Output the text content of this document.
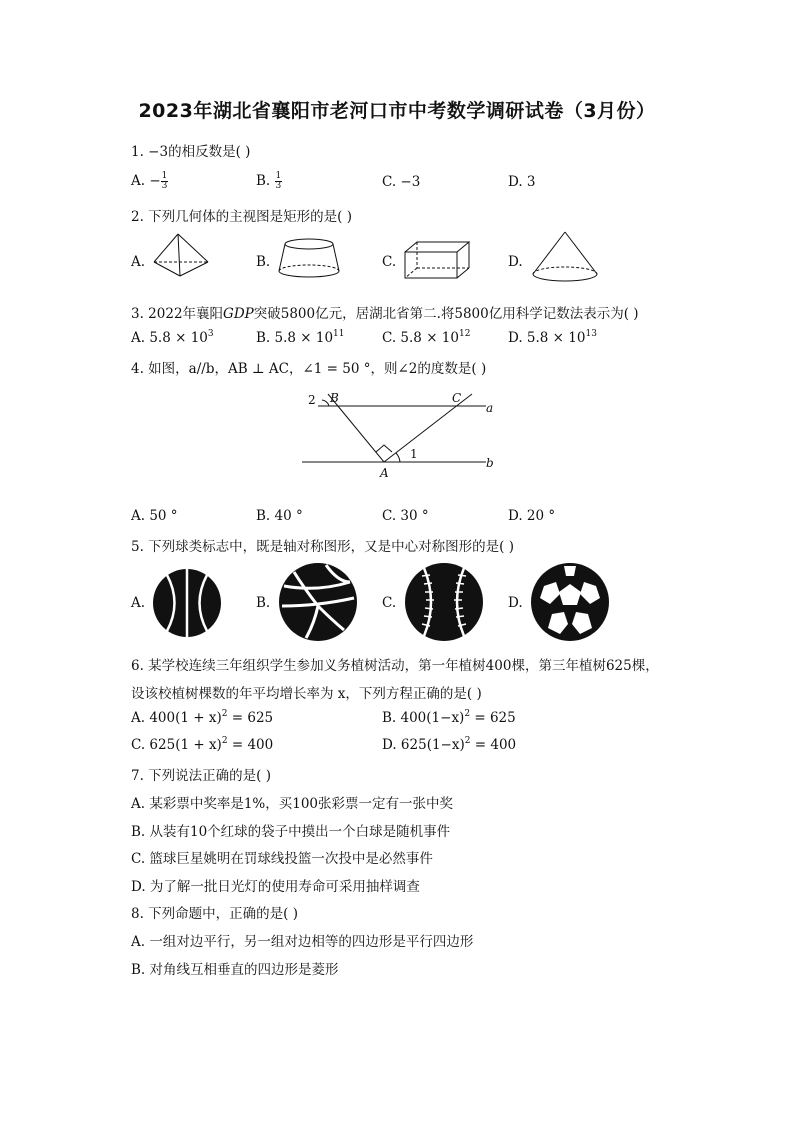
2023年湖北省襄阳市老河口市中考数学调研试卷（3月份）
1. −3的相反数是( )
A. − $\frac{1}{3}$	B. $\frac{1}{3}$	C. −3	D. 3
2. 下列几何体的主视图是矩形的是( )
A.	B.	C.	D.
3. 2022年襄阳GDP突破5800亿元，居湖北省第二.将5800亿用科学记数法表示为( )
A. $5.8 \times 10^3$	B. $5.8 \times 10^{11}$	C. $5.8 \times 10^{12}$	D. $5.8 \times 10^{13}$
4. 如图，a//b，AB ⊥ AC，∠1 = 50 °，则∠2的度数是( )
2 B	C
a
A
1
b
A. 50 °	B. 40 °	C. 30 °	D. 20 °
5. 下列球类标志中，既是轴对称图形，又是中心对称图形的是( )
A.	B.	C.	D.
6. 某学校连续三年组织学生参加义务植树活动，第一年植树400棵，第三年植树625棵，
设该校植树棵数的年平均增长率为 x，下列方程正确的是( )
A. $400(1 + x)^2 = 625$	B. $400(1-x)^2 = 625$
C. $625(1 + x)^2 = 400$	D. $625(1-x)^2 = 400$
7. 下列说法正确的是( )
A. 某彩票中奖率是1%，买100张彩票一定有一张中奖
B. 从装有10个红球的袋子中摸出一个白球是随机事件
C. 篮球巨星姚明在罚球线投篮一次投中是必然事件
D. 为了解一批日光灯的使用寿命可采用抽样调查
8. 下列命题中，正确的是( )
A. 一组对边平行，另一组对边相等的四边形是平行四边形
B. 对角线互相垂直的四边形是菱形
